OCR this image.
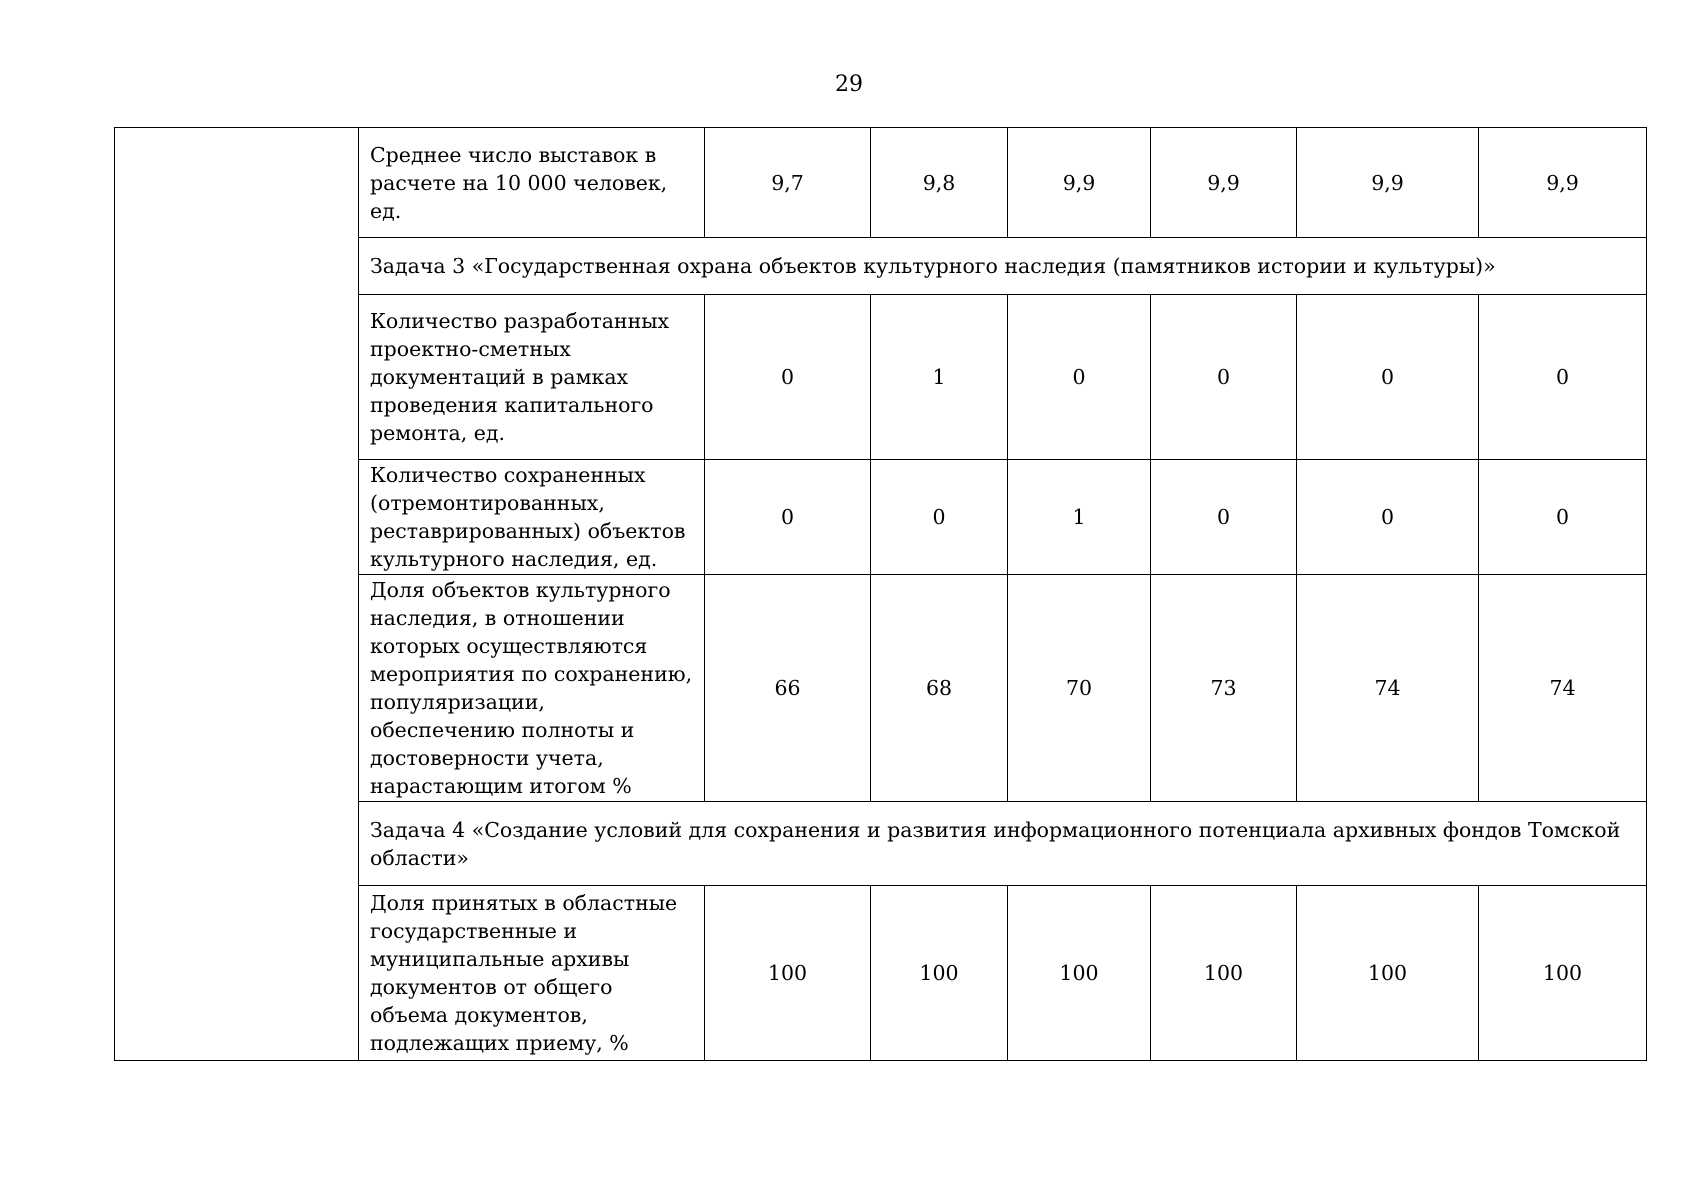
29
	Среднее число выставок в расчете на 10 000 человек, ед.	9,7	9,8	9,9	9,9	9,9	9,9
	Задача 3 «Государственная охрана объектов культурного наследия (памятников истории и культуры)»						
	Количество разработанных проектно-сметных документаций в рамках проведения капитального ремонта, ед.	0	1	0	0	0	0
	Количество сохраненных (отремонтированных, реставрированных) объектов культурного наследия, ед.	0	0	1	0	0	0
	Доля объектов культурного наследия, в отношении которых осуществляются мероприятия по сохранению, популяризации, обеспечению полноты и достоверности учета, нарастающим итогом %	66	68	70	73	74	74
	Задача 4 «Создание условий для сохранения и развития информационного потенциала архивных фондов Томской области»						
	Доля принятых в областные государственные и муниципальные архивы документов от общего объема документов, подлежащих приему, %	100	100	100	100	100	100
